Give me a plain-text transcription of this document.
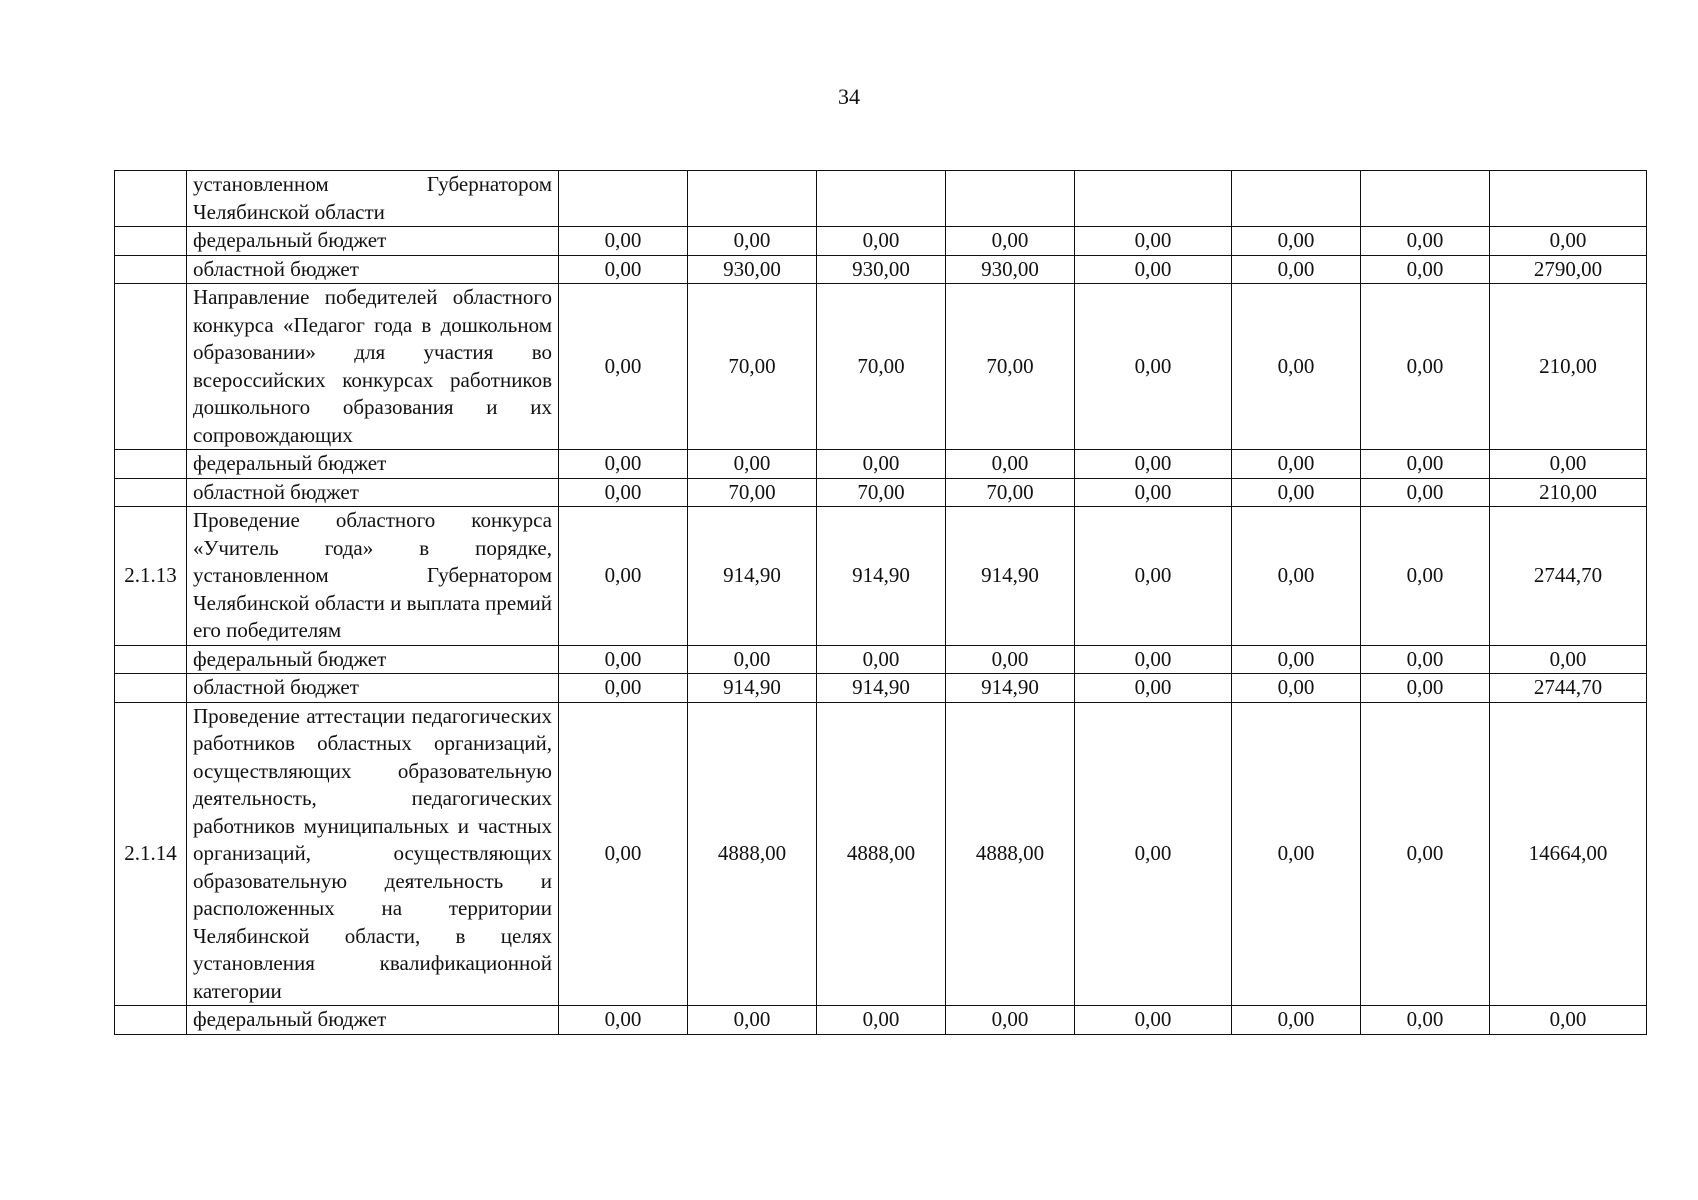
34
	установленном Губернатором Челябинской области								
	федеральный бюджет	0,00	0,00	0,00	0,00	0,00	0,00	0,00	0,00
	областной бюджет	0,00	930,00	930,00	930,00	0,00	0,00	0,00	2790,00
	Направление победителей областного конкурса «Педагог года в дошкольном образовании» для участия во всероссийских конкурсах работников дошкольного образования и их сопровождающих	0,00	70,00	70,00	70,00	0,00	0,00	0,00	210,00
	федеральный бюджет	0,00	0,00	0,00	0,00	0,00	0,00	0,00	0,00
	областной бюджет	0,00	70,00	70,00	70,00	0,00	0,00	0,00	210,00
2.1.13	Проведение областного конкурса «Учитель года» в порядке, установленном Губернатором Челябинской области и выплата премий его победителям	0,00	914,90	914,90	914,90	0,00	0,00	0,00	2744,70
	федеральный бюджет	0,00	0,00	0,00	0,00	0,00	0,00	0,00	0,00
	областной бюджет	0,00	914,90	914,90	914,90	0,00	0,00	0,00	2744,70
2.1.14	Проведение аттестации педагогических работников областных организаций, осуществляющих образовательную деятельность, педагогических работников муниципальных и частных организаций, осуществляющих образовательную деятельность и расположенных на территории Челябинской области, в целях установления квалификационной категории	0,00	4888,00	4888,00	4888,00	0,00	0,00	0,00	14664,00
	федеральный бюджет	0,00	0,00	0,00	0,00	0,00	0,00	0,00	0,00
